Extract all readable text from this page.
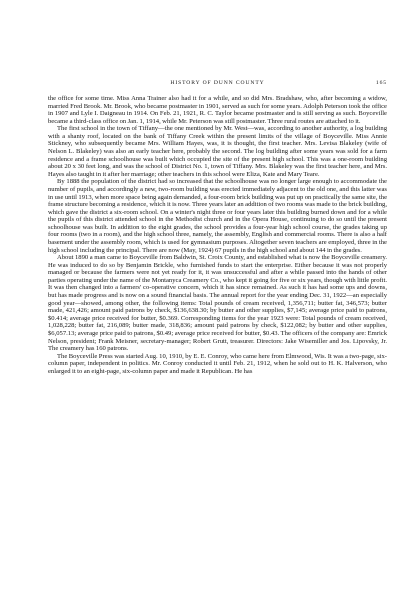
HISTORY OF DUNN COUNTY	165

the office for some time. Miss Anna Trainer also had it for a while, and so did Mrs. Bradshaw, who, after becoming a widow, married Fred Brook. Mr. Brook, who became postmaster in 1901, served as such for some years. Adolph Peterson took the office in 1907 and Lyle I. Daigneau in 1914. On Feb. 21, 1921, R. C. Taylor became postmaster and is still serving as such. Boyceville became a third-class office on Jan. 1, 1914, while Mr. Peterson was still postmaster. Three rural routes are attached to it.

The first school in the town of Tiffany—the one mentioned by Mr. West—was, according to another authority, a log building with a shanty roof, located on the bank of Tiffany Creek within the present limits of the village of Boyceville. Miss Annie Stickney, who subsequently became Mrs. William Hayes, was, it is thought, the first teacher. Mrs. Levisa Blakeley (wife of Nelson L. Blakeley) was also an early teacher here, probably the second. The log building after some years was sold for a farm residence and a frame schoolhouse was built which occupied the site of the present high school. This was a one-room building about 20 x 30 feet long, and was the school of District No. 1, town of Tiffany. Mrs. Blakeley was the first teacher here, and Mrs. Hayes also taught in it after her marriage; other teachers in this school were Eliza, Kate and Mary Teare.

By 1888 the population of the district had so increased that the schoolhouse was no longer large enough to accommodate the number of pupils, and accordingly a new, two-room building was erected immediately adjacent to the old one, and this latter was in use until 1913, when more space being again demanded, a four-room brick building was put up on practically the same site, the frame structure becoming a residence, which it is now. Three years later an addition of two rooms was made to the brick building, which gave the district a six-room school. On a winter's night three or four years later this building burned down and for a while the pupils of this district attended school in the Methodist church and in the Opera House, continuing to do so until the present schoolhouse was built. In addition to the eight grades, the school provides a four-year high school course, the grades taking up four rooms (two in a room), and the high school three, namely, the assembly, English and commercial rooms. There is also a half basement under the assembly room, which is used for gymnasium purposes. Altogether seven teachers are employed, three in the high school including the principal. There are now (May, 1924) 67 pupils in the high school and about 144 in the grades.

About 1890 a man came to Boyceville from Baldwin, St. Croix County, and established what is now the Boyceville creamery. He was induced to do so by Benjamin Brickle, who furnished funds to start the enterprise. Either because it was not properly managed or because the farmers were not yet ready for it, it was unsuccessful and after a while passed into the hands of other parties operating under the name of the Montanyca Creamery Co., who kept it going for five or six years, though with little profit. It was then changed into a farmers' co-operative concern, which it has since remained. As such it has had some ups and downs, but has made progress and is now on a sound financial basis. The annual report for the year ending Dec. 31, 1922—an especially good year—showed, among other, the following items: Total pounds of cream received, 1,356,711; butter fat, 346,573; butter made, 421,426; amount paid patrons by check, $136,638.30; by butter and other supplies, $7,145; average price paid to patrons, $0.414; average price received for butter, $0.369. Corresponding items for the year 1923 were: Total pounds of cream received, 1,028,228; butter fat, 216,089; butter made, 318,836; amount paid patrons by check, $122,082; by butter and other supplies, $6,057.13; average price paid to patrons, $0.49; average price received for butter, $0.43. The officers of the company are: Emrick Nelson, president; Frank Meisner, secretary-manager; Robert Grutt, treasurer. Directors: Jake Wisemiller and Jos. Lipovsky, Jr. The creamery has 160 patrons.

The Boyceville Press was started Aug. 10, 1910, by E. E. Conroy, who came here from Elmwood, Wis. It was a two-page, six-column paper, independent in politics. Mr. Conroy conducted it until Feb. 21, 1912, when he sold out to H. K. Halverson, who enlarged it to an eight-page, six-column paper and made it Republican. He has
